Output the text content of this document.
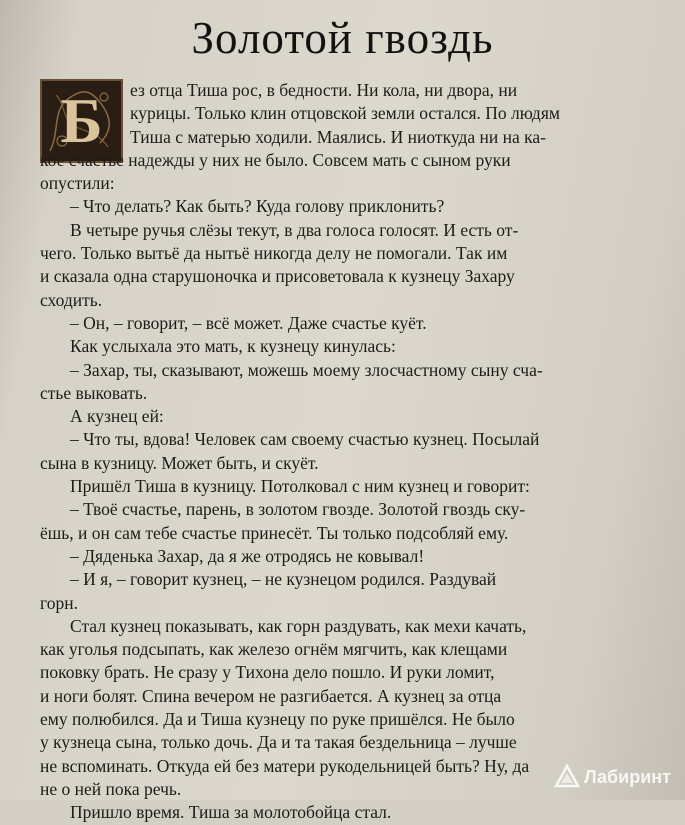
Золотой гвоздь
Б	ез отца Тиша рос, в бедности. Ни кола, ни двора, ни

курицы. Только клин отцовской земли остался. По людям

Тиша с матерью ходили. Маялись. И ниоткуда ни на ка-

кое счастье надежды у них не было. Совсем мать с сыном руки

опустили:

– Что делать? Как быть? Куда голову приклонить?

В четыре ручья слёзы текут, в два голоса голосят. И есть от-

чего. Только вытьё да нытьё никогда делу не помогали. Так им

и сказала одна старушоночка и присоветовала к кузнецу Захару

сходить.

– Он, – говорит, – всё может. Даже счастье куёт.

Как услыхала это мать, к кузнецу кинулась:

– Захар, ты, сказывают, можешь моему злосчастному сыну сча-

стье выковать.

А кузнец ей:

– Что ты, вдова! Человек сам своему счастью кузнец. Посылай

сына в кузницу. Может быть, и скуёт.

Пришёл Тиша в кузницу. Потолковал с ним кузнец и говорит:

– Твоё счастье, парень, в золотом гвозде. Золотой гвоздь ску-

ёшь, и он сам тебе счастье принесёт. Ты только подсобляй ему.

– Дяденька Захар, да я же отродясь не ковывал!

– И я, – говорит кузнец, – не кузнецом родился. Раздувай

горн.

Стал кузнец показывать, как горн раздувать, как мехи качать,

как уголья подсыпать, как железо огнём мягчить, как клещами

поковку брать. Не сразу у Тихона дело пошло. И руки ломит,

и ноги болят. Спина вечером не разгибается. А кузнец за отца

ему полюбился. Да и Тиша кузнецу по руке пришёлся. Не было

у кузнеца сына, только дочь. Да и та такая бездельница – лучше

не вспоминать. Откуда ей без матери рукодельницей быть? Ну, да

не о ней пока речь.

Пришло время. Тиша за молотобойца стал.

Лабиринт
